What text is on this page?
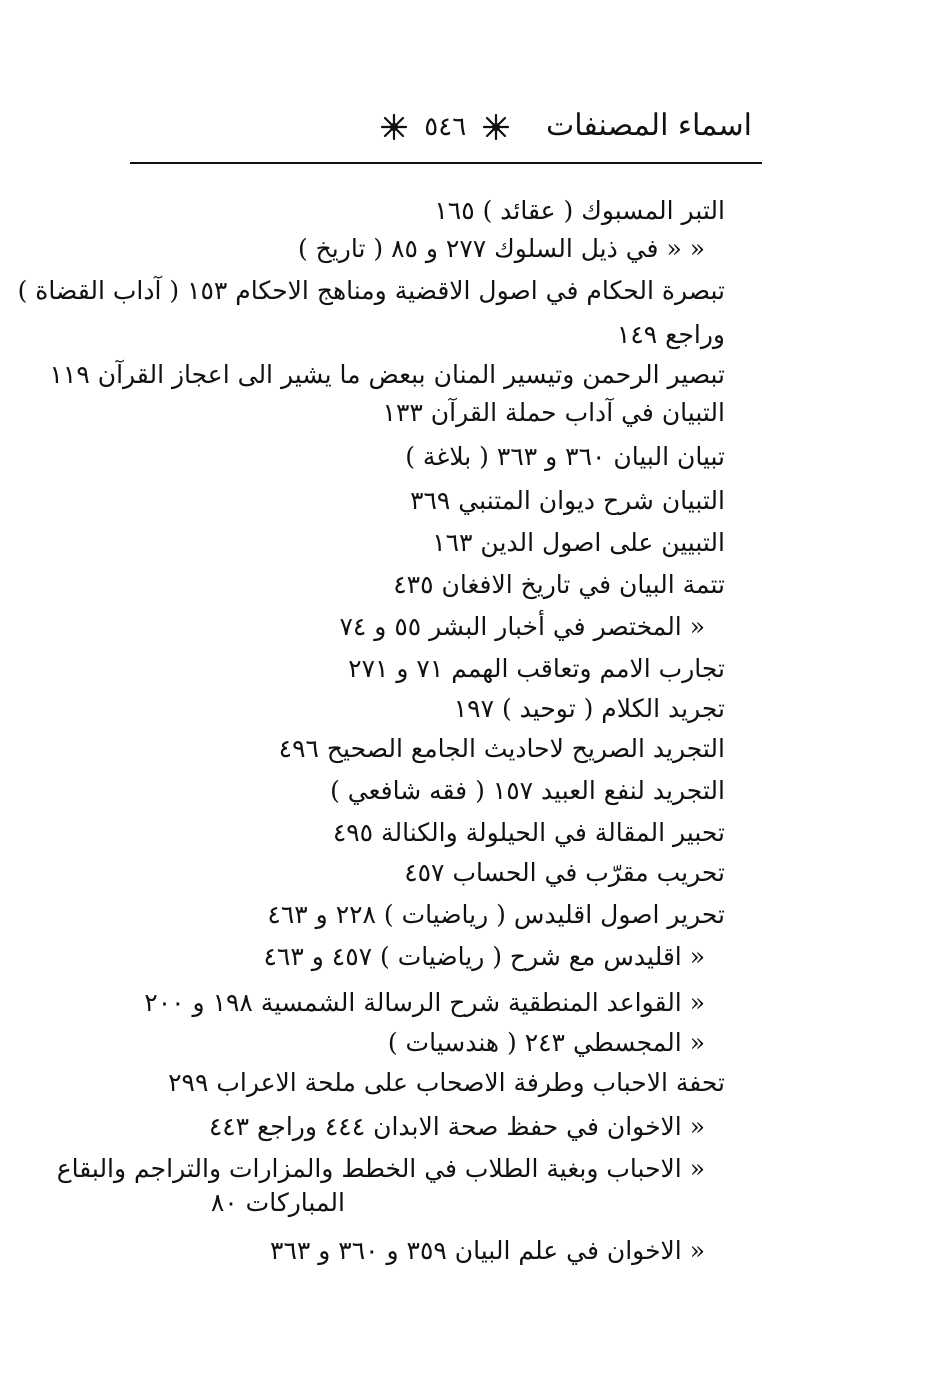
اسماء المصنفات
٥٤٦
التبر المسبوك ( عقائد ) ١٦٥
« « في ذيل السلوك ٢٧٧ و ٨٥ ( تاريخ )
تبصرة الحكام في اصول الاقضية ومناهج الاحكام ١٥٣ ( آداب القضاة )
وراجع ١٤٩
تبصير الرحمن وتيسير المنان ببعض ما يشير الى اعجاز القرآن ١١٩
التبيان في آداب حملة القرآن ١٣٣
تبيان البيان ٣٦٠ و ٣٦٣ ( بلاغة )
التبيان شرح ديوان المتنبي ٣٦٩
التبيين على اصول الدين ١٦٣
تتمة البيان في تاريخ الافغان ٤٣٥
« المختصر في أخبار البشر ٥٥ و ٧٤
تجارب الامم وتعاقب الهمم ٧١ و ٢٧١
تجريد الكلام ( توحيد ) ١٩٧
التجريد الصريح لاحاديث الجامع الصحيح ٤٩٦
التجريد لنفع العبيد ١٥٧ ( فقه شافعي )
تحبير المقالة في الحيلولة والكنالة ٤٩٥
تحريب مقرّب في الحساب ٤٥٧
تحرير اصول اقليدس ( رياضيات ) ٢٢٨ و ٤٦٣
« اقليدس مع شرح ( رياضيات ) ٤٥٧ و ٤٦٣
« القواعد المنطقية شرح الرسالة الشمسية ١٩٨ و ٢٠٠
« المجسطي ٢٤٣ ( هندسيات )
تحفة الاحباب وطرفة الاصحاب على ملحة الاعراب ٢٩٩
« الاخوان في حفظ صحة الابدان ٤٤٤ وراجع ٤٤٣
« الاحباب وبغية الطلاب في الخطط والمزارات والتراجم والبقاع
المباركات ٨٠
« الاخوان في علم البيان ٣٥٩ و ٣٦٠ و ٣٦٣
